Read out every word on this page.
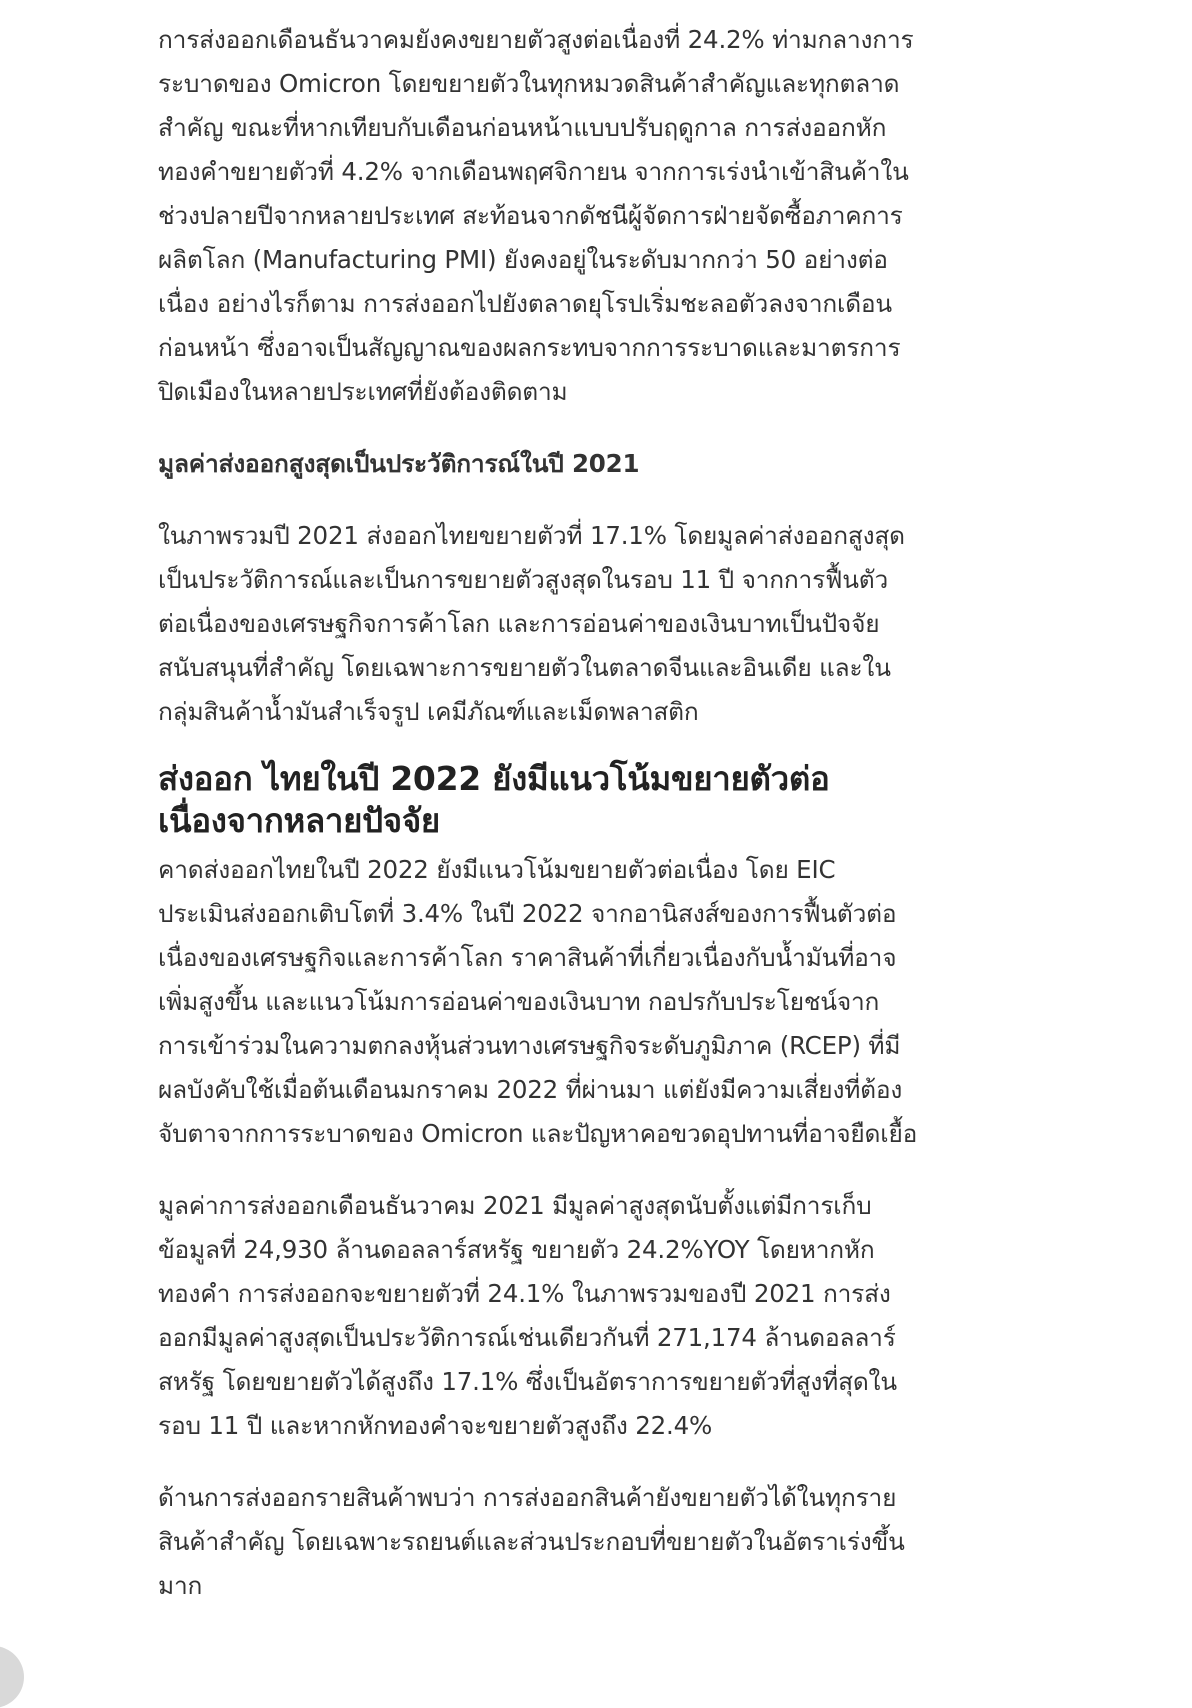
การส่งออกเดือนธันวาคมยังคงขยายตัวสูงต่อเนื่องที่ 24.2% ท่ามกลางการระบาดของ Omicron โดยขยายตัวในทุกหมวดสินค้าสำคัญและทุกตลาดสำคัญ ขณะที่หากเทียบกับเดือนก่อนหน้าแบบปรับฤดูกาล การส่งออกหักทองคำขยายตัวที่ 4.2% จากเดือนพฤศจิกายน จากการเร่งนำเข้าสินค้าในช่วงปลายปีจากหลายประเทศ สะท้อนจากดัชนีผู้จัดการฝ่ายจัดซื้อภาคการผลิตโลก (Manufacturing PMI) ยังคงอยู่ในระดับมากกว่า 50 อย่างต่อเนื่อง อย่างไรก็ตาม การส่งออกไปยังตลาดยุโรปเริ่มชะลอตัวลงจากเดือนก่อนหน้า ซึ่งอาจเป็นสัญญาณของผลกระทบจากการระบาดและมาตรการปิดเมืองในหลายประเทศที่ยังต้องติดตาม

มูลค่าส่งออกสูงสุดเป็นประวัติการณ์ในปี 2021

ในภาพรวมปี 2021 ส่งออกไทยขยายตัวที่ 17.1% โดยมูลค่าส่งออกสูงสุดเป็นประวัติการณ์และเป็นการขยายตัวสูงสุดในรอบ 11 ปี จากการฟื้นตัวต่อเนื่องของเศรษฐกิจการค้าโลก และการอ่อนค่าของเงินบาทเป็นปัจจัยสนับสนุนที่สำคัญ โดยเฉพาะการขยายตัวในตลาดจีนและอินเดีย และในกลุ่มสินค้าน้ำมันสำเร็จรูป เคมีภัณฑ์และเม็ดพลาสติก

ส่งออก ไทยในปี 2022 ยังมีแนวโน้มขยายตัวต่อเนื่องจากหลายปัจจัย

คาดส่งออกไทยในปี 2022 ยังมีแนวโน้มขยายตัวต่อเนื่อง โดย EIC ประเมินส่งออกเติบโตที่ 3.4% ในปี 2022 จากอานิสงส์ของการฟื้นตัวต่อเนื่องของเศรษฐกิจและการค้าโลก ราคาสินค้าที่เกี่ยวเนื่องกับน้ำมันที่อาจเพิ่มสูงขึ้น และแนวโน้มการอ่อนค่าของเงินบาท กอปรกับประโยชน์จากการเข้าร่วมในความตกลงหุ้นส่วนทางเศรษฐกิจระดับภูมิภาค (RCEP) ที่มีผลบังคับใช้เมื่อต้นเดือนมกราคม 2022 ที่ผ่านมา แต่ยังมีความเสี่ยงที่ต้องจับตาจากการระบาดของ Omicron และปัญหาคอขวดอุปทานที่อาจยืดเยื้อ

มูลค่าการส่งออกเดือนธันวาคม 2021 มีมูลค่าสูงสุดนับตั้งแต่มีการเก็บข้อมูลที่ 24,930 ล้านดอลลาร์สหรัฐ ขยายตัว 24.2%YOY โดยหากหักทองคำ การส่งออกจะขยายตัวที่ 24.1% ในภาพรวมของปี 2021 การส่งออกมีมูลค่าสูงสุดเป็นประวัติการณ์เช่นเดียวกันที่ 271,174 ล้านดอลลาร์สหรัฐ โดยขยายตัวได้สูงถึง 17.1% ซึ่งเป็นอัตราการขยายตัวที่สูงที่สุดในรอบ 11 ปี และหากหักทองคำจะขยายตัวสูงถึง 22.4%

ด้านการส่งออกรายสินค้าพบว่า การส่งออกสินค้ายังขยายตัวได้ในทุกรายสินค้าสำคัญ โดยเฉพาะรถยนต์และส่วนประกอบที่ขยายตัวในอัตราเร่งขึ้นมาก
